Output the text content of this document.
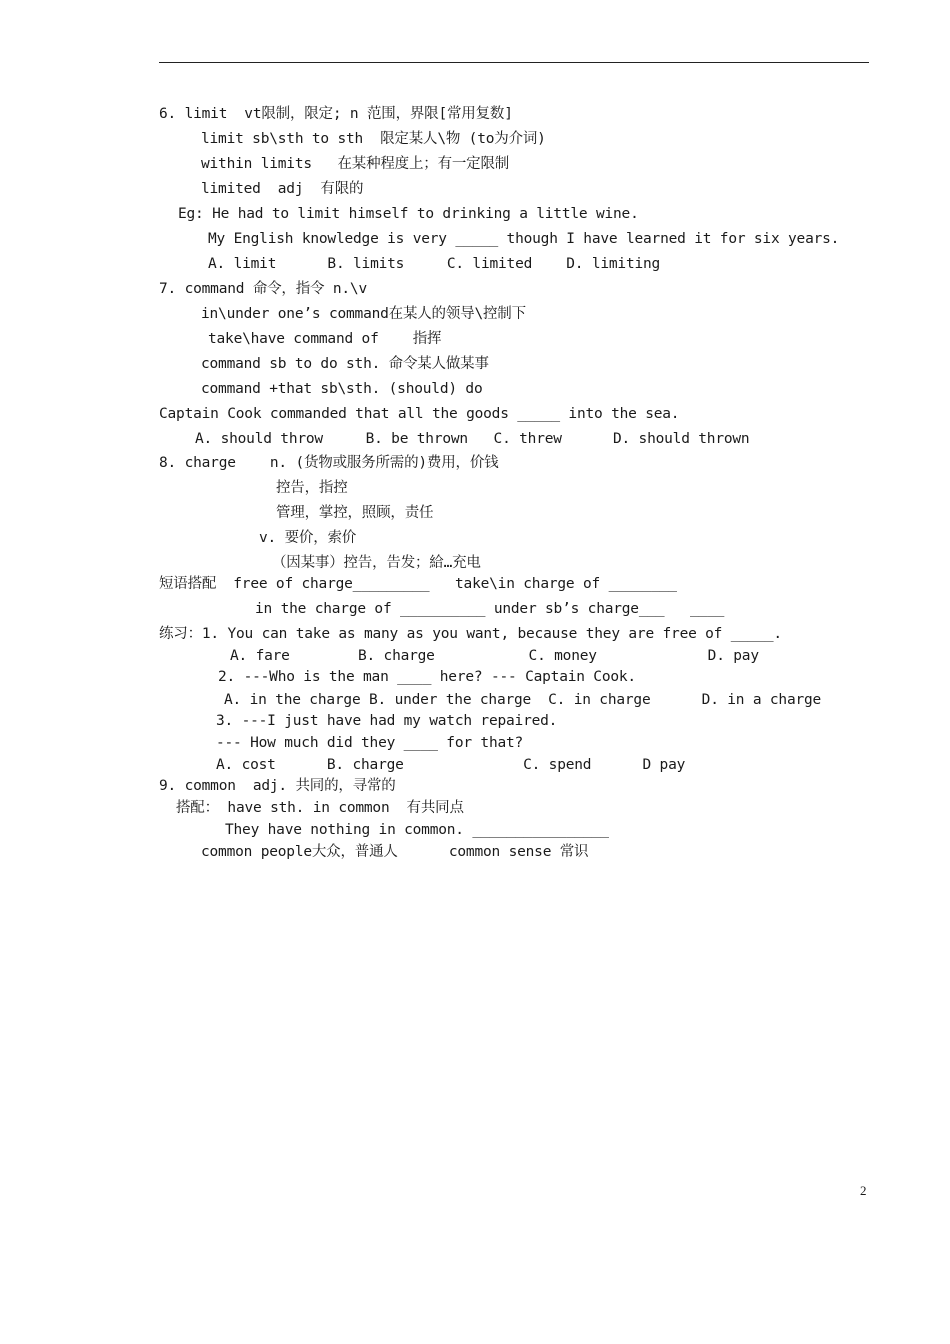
6. limit  vt限制，限定; n 范围，界限[常用复数]
limit sb\sth to sth  限定某人\物 (to为介词)
within limits   在某种程度上；有一定限制
limited  adj  有限的
Eg: He had to limit himself to drinking a little wine.
My English knowledge is very _____ though I have learned it for six years.
A. limit      B. limits     C. limited    D. limiting
7. command 命令，指令 n.\v
in\under one’s command在某人的领导\控制下
take\have command of    指挥
command sb to do sth. 命令某人做某事
command +that sb\sth. (should) do
Captain Cook commanded that all the goods _____ into the sea.
A. should throw     B. be thrown   C. threw      D. should thrown
8. charge    n. (货物或服务所需的)费用，价钱
控告，指控
管理，掌控，照顾，责任
v. 要价，索价
（因某事）控告，告发；給…充电
短语搭配  free of charge_________   take\in charge of ________
in the charge of __________ under sb’s charge___   ____
练习：1. You can take as many as you want, because they are free of _____.
A. fare        B. charge           C. money             D. pay
2. ---Who is the man ____ here? --- Captain Cook.
A. in the charge B. under the charge  C. in charge      D. in a charge
3. ---I just have had my watch repaired.
--- How much did they ____ for that?
A. cost      B. charge              C. spend      D pay
9. common  adj. 共同的，寻常的
搭配： have sth. in common  有共同点
They have nothing in common. ________________
common people大众，普通人      common sense 常识
2
